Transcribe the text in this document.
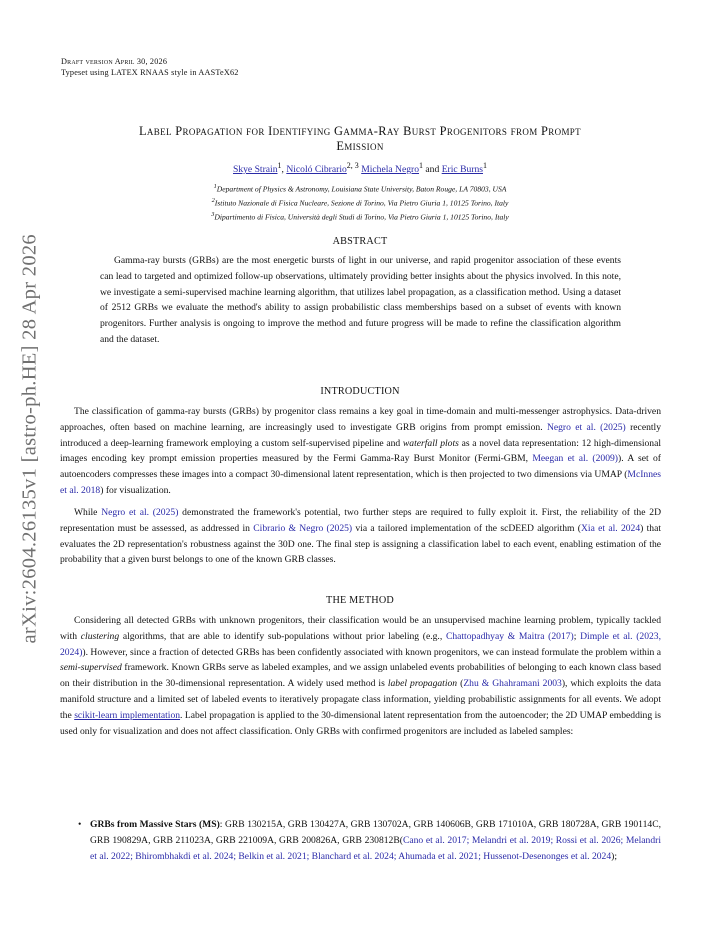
arXiv:2604.26135v1 [astro-ph.HE] 28 Apr 2026
Draft version April 30, 2026
Typeset using LATEX RNAAS style in AASTeX62
Label Propagation for Identifying Gamma-Ray Burst Progenitors from Prompt
Emission
Skye Strain$^1$, Nicoló Cibrario$^{2, 3}$ Michela Negro$^1$ and Eric Burns$^1$
$^1$Department of Physics & Astronomy, Louisiana State University, Baton Rouge, LA 70803, USA
$^2$Istituto Nazionale di Fisica Nucleare, Sezione di Torino, Via Pietro Giuria 1, 10125 Torino, Italy
$^3$Dipartimento di Fisica, Università degli Studi di Torino, Via Pietro Giuria 1, 10125 Torino, Italy
ABSTRACT
Gamma-ray bursts (GRBs) are the most energetic bursts of light in our universe, and rapid progenitor association of these events can lead to targeted and optimized follow-up observations, ultimately providing better insights about the physics involved. In this note, we investigate a semi-supervised machine learning algorithm, that utilizes label propagation, as a classification method. Using a dataset of 2512 GRBs we evaluate the method's ability to assign probabilistic class memberships based on a subset of events with known progenitors. Further analysis is ongoing to improve the method and future progress will be made to refine the classification algorithm and the dataset.
INTRODUCTION
The classification of gamma-ray bursts (GRBs) by progenitor class remains a key goal in time-domain and multi-messenger astrophysics. Data-driven approaches, often based on machine learning, are increasingly used to investigate GRB origins from prompt emission. Negro et al. (2025) recently introduced a deep-learning framework employing a custom self-supervised pipeline and waterfall plots as a novel data representation: 12 high-dimensional images encoding key prompt emission properties measured by the Fermi Gamma-Ray Burst Monitor (Fermi-GBM, Meegan et al. (2009)). A set of autoencoders compresses these images into a compact 30-dimensional latent representation, which is then projected to two dimensions via UMAP (McInnes et al. 2018) for visualization.
While Negro et al. (2025) demonstrated the framework's potential, two further steps are required to fully exploit it. First, the reliability of the 2D representation must be assessed, as addressed in Cibrario & Negro (2025) via a tailored implementation of the scDEED algorithm (Xia et al. 2024) that evaluates the 2D representation's robustness against the 30D one. The final step is assigning a classification label to each event, enabling estimation of the probability that a given burst belongs to one of the known GRB classes.
THE METHOD
Considering all detected GRBs with unknown progenitors, their classification would be an unsupervised machine learning problem, typically tackled with clustering algorithms, that are able to identify sub-populations without prior labeling (e.g., Chattopadhyay & Maitra (2017); Dimple et al. (2023, 2024)). However, since a fraction of detected GRBs has been confidently associated with known progenitors, we can instead formulate the problem within a semi-supervised framework. Known GRBs serve as labeled examples, and we assign unlabeled events probabilities of belonging to each known class based on their distribution in the 30-dimensional representation. A widely used method is label propagation (Zhu & Ghahramani 2003), which exploits the data manifold structure and a limited set of labeled events to iteratively propagate class information, yielding probabilistic assignments for all events. We adopt the scikit-learn implementation. Label propagation is applied to the 30-dimensional latent representation from the autoencoder; the 2D UMAP embedding is used only for visualization and does not affect classification. Only GRBs with confirmed progenitors are included as labeled samples:
• GRBs from Massive Stars (MS): GRB 130215A, GRB 130427A, GRB 130702A, GRB 140606B, GRB 171010A, GRB 180728A, GRB 190114C, GRB 190829A, GRB 211023A, GRB 221009A, GRB 200826A, GRB 230812B(Cano et al. 2017; Melandri et al. 2019; Rossi et al. 2026; Melandri et al. 2022; Bhirombhakdi et al. 2024; Belkin et al. 2021; Blanchard et al. 2024; Ahumada et al. 2021; Hussenot-Desenonges et al. 2024);
